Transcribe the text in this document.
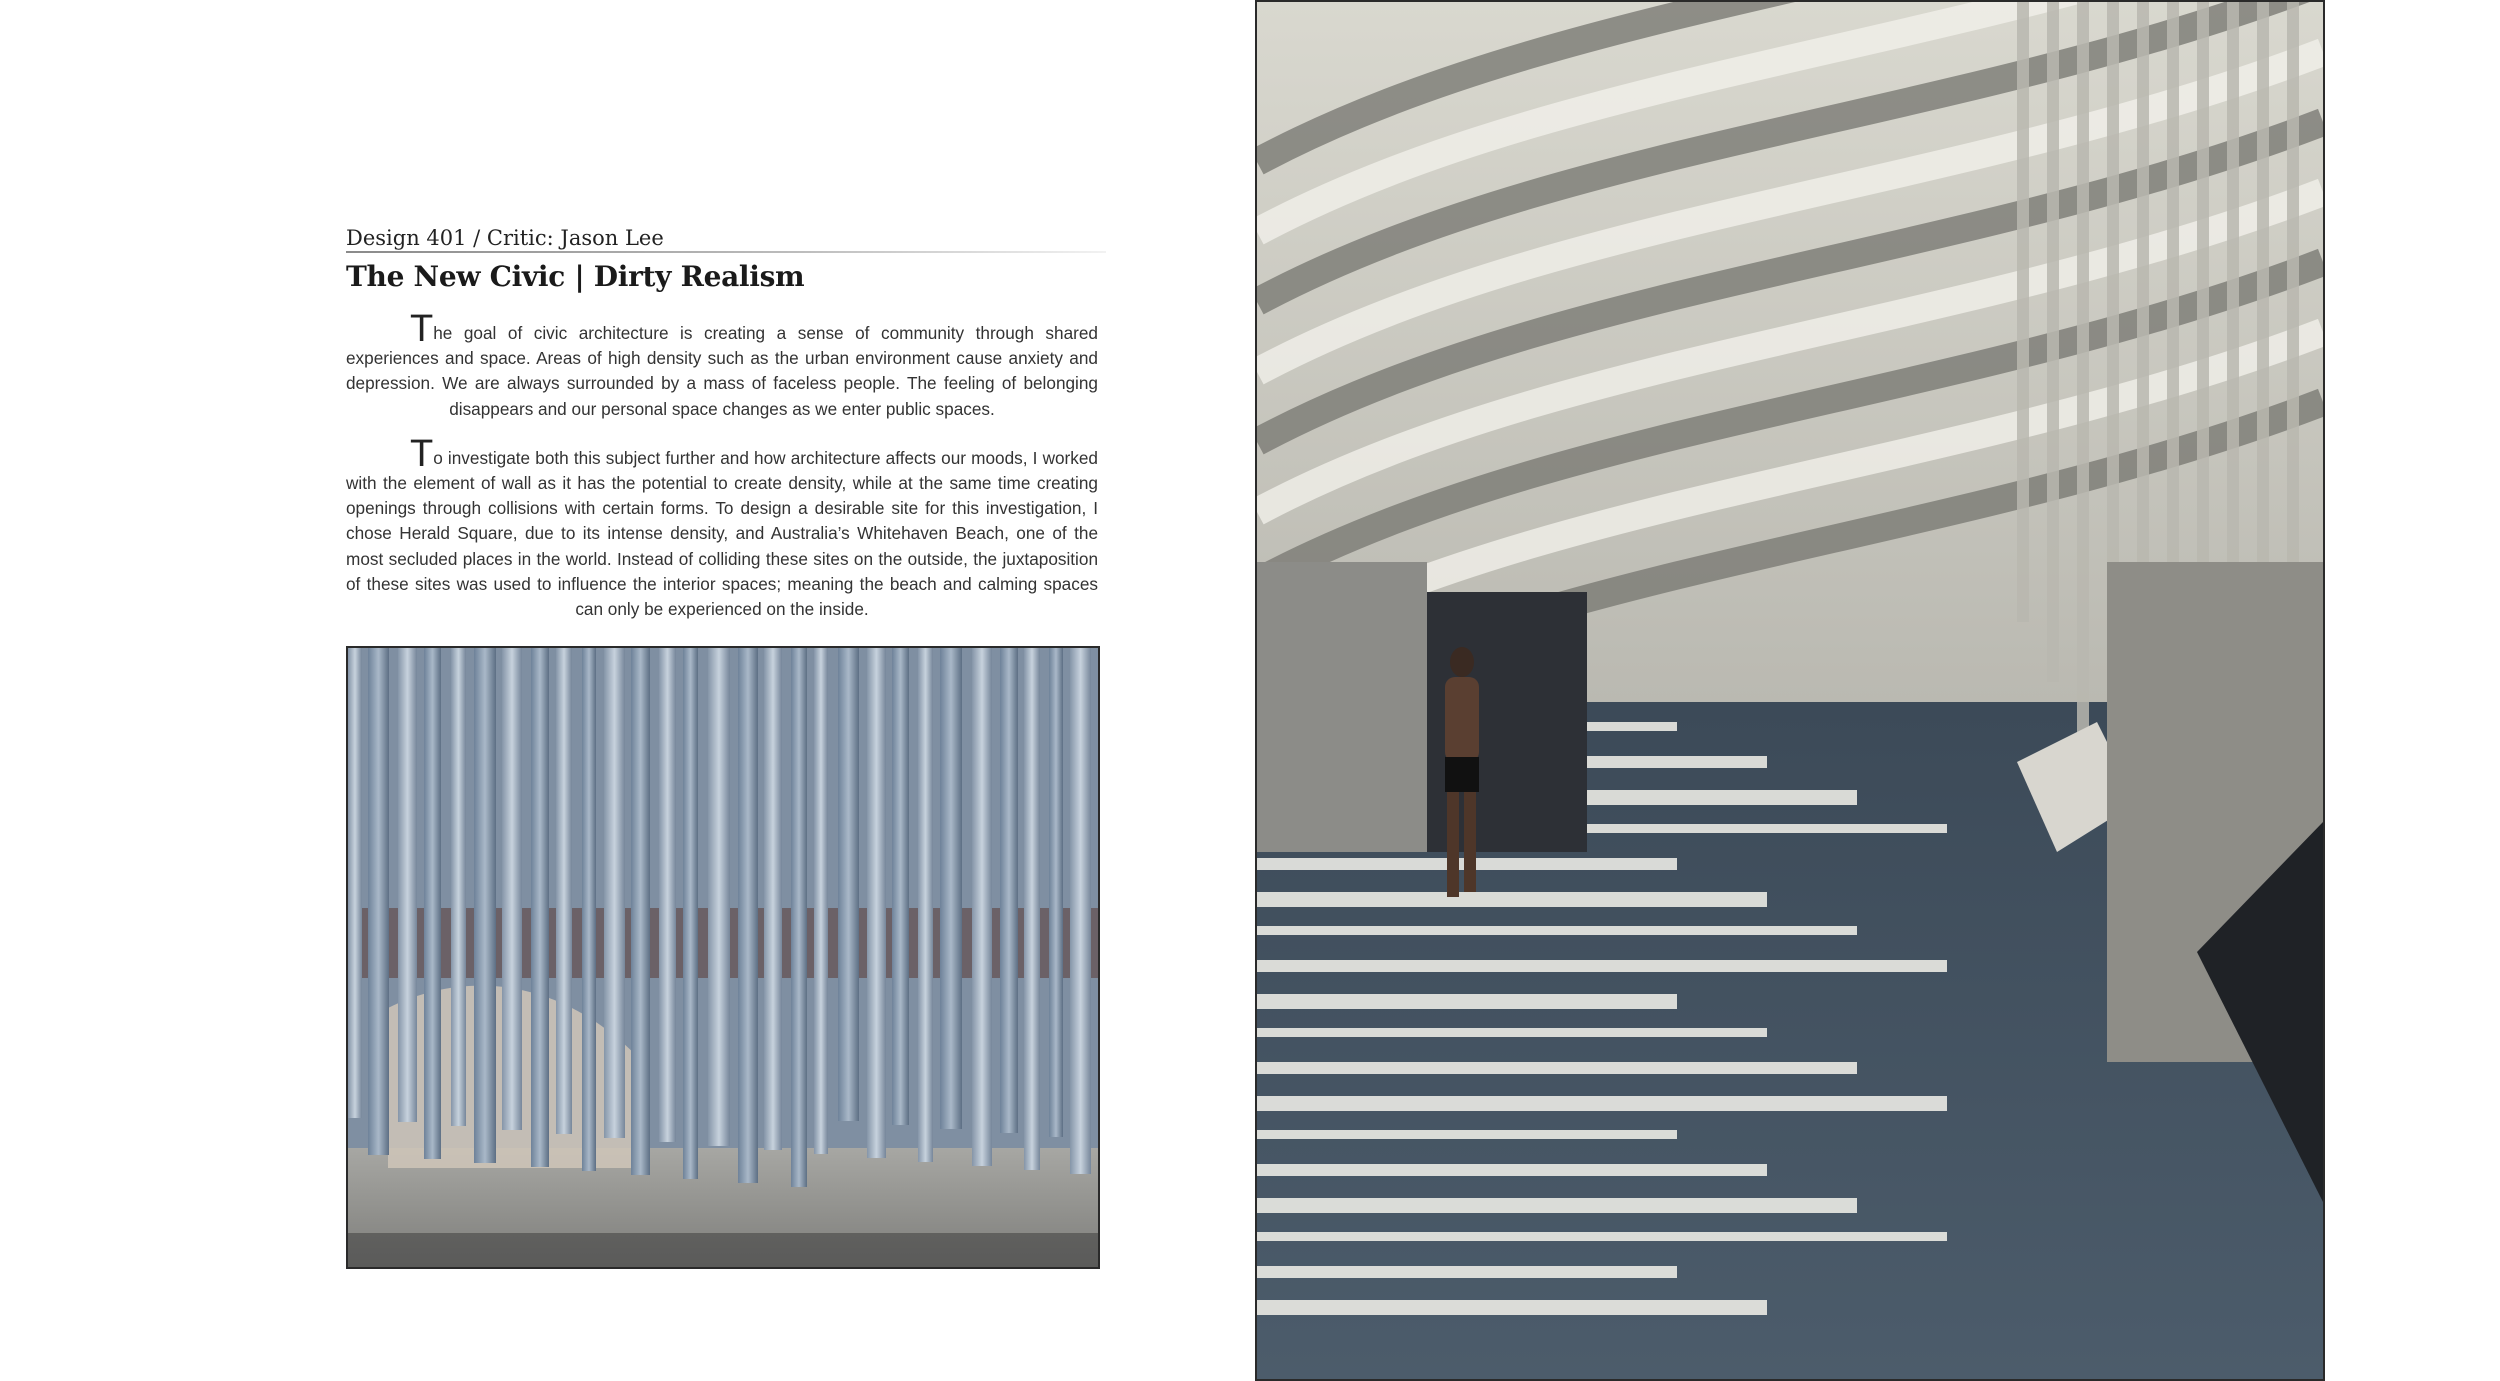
Design 401 / Critic: Jason Lee
The New Civic | Dirty Realism

The goal of civic architecture is creating a sense of community through shared experiences and space. Areas of high density such as the urban environment cause anxiety and depression. We are always surrounded by a mass of faceless people. The feeling of belonging disappears and our personal space changes as we enter public spaces.

To investigate both this subject further and how architecture affects our moods, I worked with the element of wall as it has the potential to create density, while at the same time creating openings through collisions with certain forms. To design a desirable site for this investigation, I chose Herald Square, due to its intense density, and Australia’s Whitehaven Beach, one of the most secluded places in the world. Instead of colliding these sites on the outside, the juxtaposition of these sites was used to influence the interior spaces; meaning the beach and calming spaces can only be experienced on the inside.
